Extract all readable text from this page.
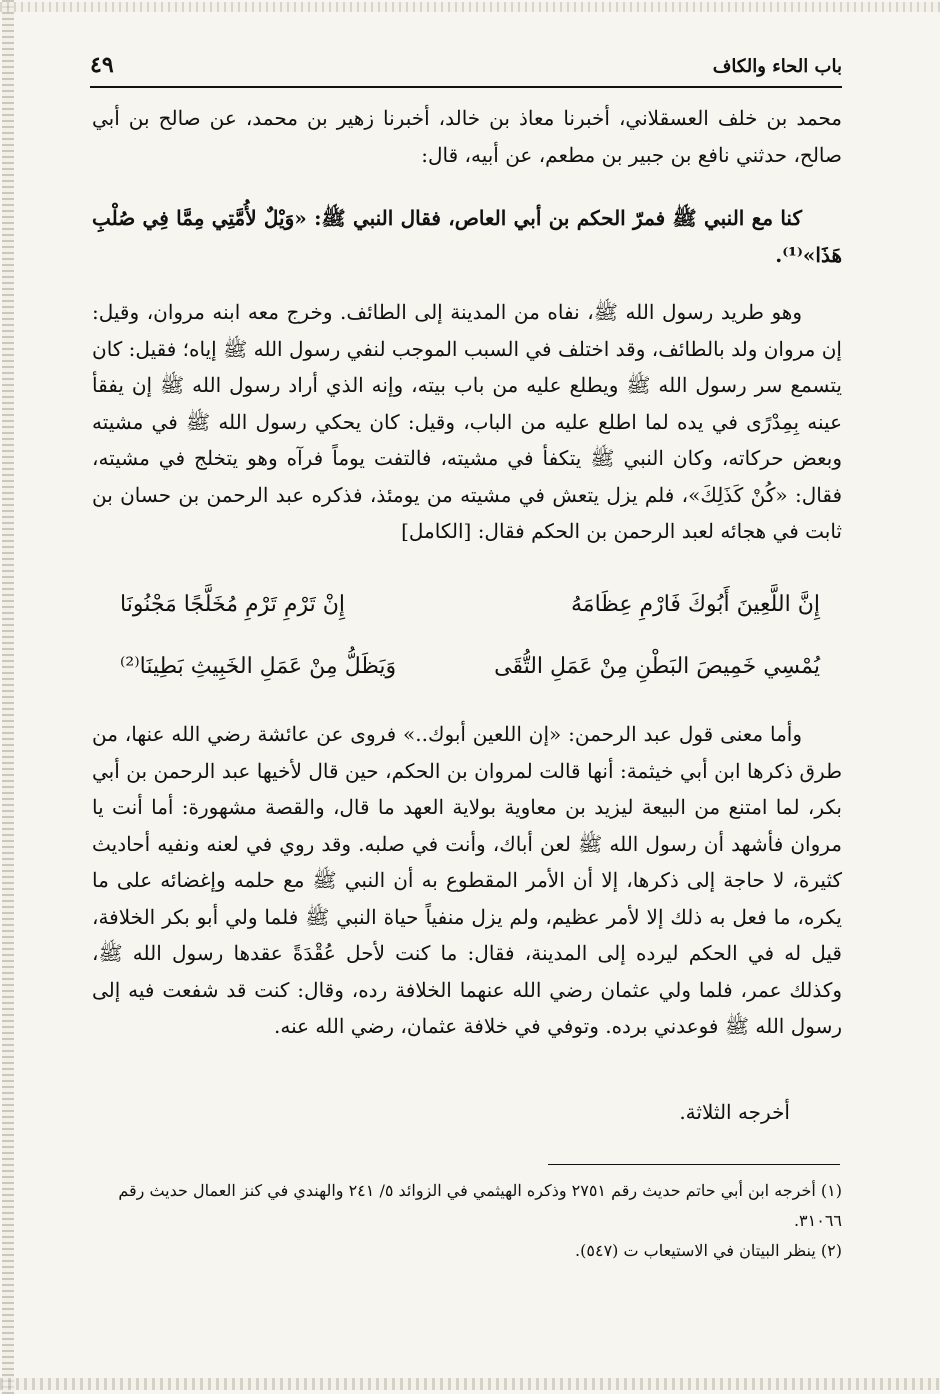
٤٩	باب الحاء والكاف
محمد بن خلف العسقلاني، أخبرنا معاذ بن خالد، أخبرنا زهير بن محمد، عن صالح بن أبي صالح، حدثني نافع بن جبير بن مطعم، عن أبيه، قال:
كنا مع النبي ﷺ فمرّ الحكم بن أبي العاص، فقال النبي ﷺ: «وَيْلٌ لأُمَّتِي مِمَّا فِي صُلْبِ هَذَا»⁽¹⁾.
وهو طريد رسول الله ﷺ، نفاه من المدينة إلى الطائف. وخرج معه ابنه مروان، وقيل: إن مروان ولد بالطائف، وقد اختلف في السبب الموجب لنفي رسول الله ﷺ إياه؛ فقيل: كان يتسمع سر رسول الله ﷺ ويطلع عليه من باب بيته، وإنه الذي أراد رسول الله ﷺ إن يفقأ عينه بِمِدْرًى في يده لما اطلع عليه من الباب، وقيل: كان يحكي رسول الله ﷺ في مشيته وبعض حركاته، وكان النبي ﷺ يتكفأ في مشيته، فالتفت يوماً فرآه وهو يتخلج في مشيته، فقال: «كُنْ كَذَلِكَ»، فلم يزل يتعش في مشيته من يومئذ، فذكره عبد الرحمن بن حسان بن ثابت في هجائه لعبد الرحمن بن الحكم فقال: [الكامل]
إِنَّ اللَّعِينَ أَبُوكَ فَارْمِ عِظَامَهُ
إِنْ تَرْمِ تَرْمِ مُخَلَّجًا مَجْنُونَا
يُمْسِي خَمِيصَ البَطْنِ مِنْ عَمَلِ التُّقَى
وَيَظَلُّ مِنْ عَمَلِ الخَبِيثِ بَطِينَا⁽²⁾
وأما معنى قول عبد الرحمن: «إن اللعين أبوك..» فروى عن عائشة رضي الله عنها، من طرق ذكرها ابن أبي خيثمة: أنها قالت لمروان بن الحكم، حين قال لأخيها عبد الرحمن بن أبي بكر، لما امتنع من البيعة ليزيد بن معاوية بولاية العهد ما قال، والقصة مشهورة: أما أنت يا مروان فأشهد أن رسول الله ﷺ لعن أباك، وأنت في صلبه. وقد روي في لعنه ونفيه أحاديث كثيرة، لا حاجة إلى ذكرها، إلا أن الأمر المقطوع به أن النبي ﷺ مع حلمه وإغضائه على ما يكره، ما فعل به ذلك إلا لأمر عظيم، ولم يزل منفياً حياة النبي ﷺ فلما ولي أبو بكر الخلافة، قيل له في الحكم ليرده إلى المدينة، فقال: ما كنت لأحل عُقْدَةً عقدها رسول الله ﷺ، وكذلك عمر، فلما ولي عثمان رضي الله عنهما الخلافة رده، وقال: كنت قد شفعت فيه إلى رسول الله ﷺ فوعدني برده. وتوفي في خلافة عثمان، رضي الله عنه.
أخرجه الثلاثة.
(١) أخرجه ابن أبي حاتم حديث رقم ٢٧٥١ وذكره الهيثمي في الزوائد ٥/ ٢٤١ والهندي في كنز العمال حديث رقم ٣١٠٦٦.
(٢) ينظر البيتان في الاستيعاب ت (٥٤٧).
